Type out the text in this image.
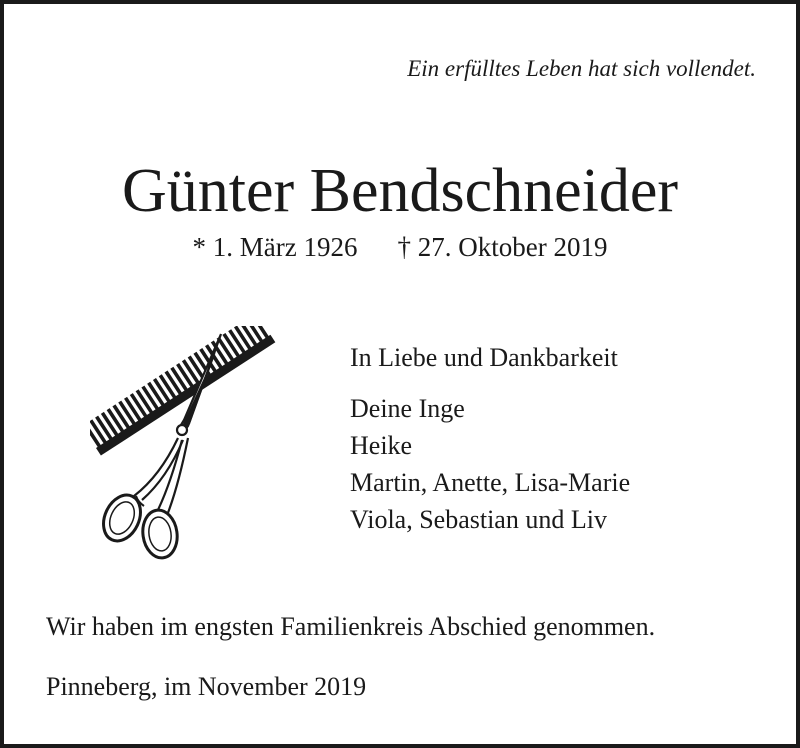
Ein erfülltes Leben hat sich vollendet.
Günter Bendschneider
* 1. März 1926 † 27. Oktober 2019
In Liebe und Dankbarkeit
Deine Inge
Heike
Martin, Anette, Lisa-Marie
Viola, Sebastian und Liv
Wir haben im engsten Familienkreis Abschied genommen.
Pinneberg, im November 2019
